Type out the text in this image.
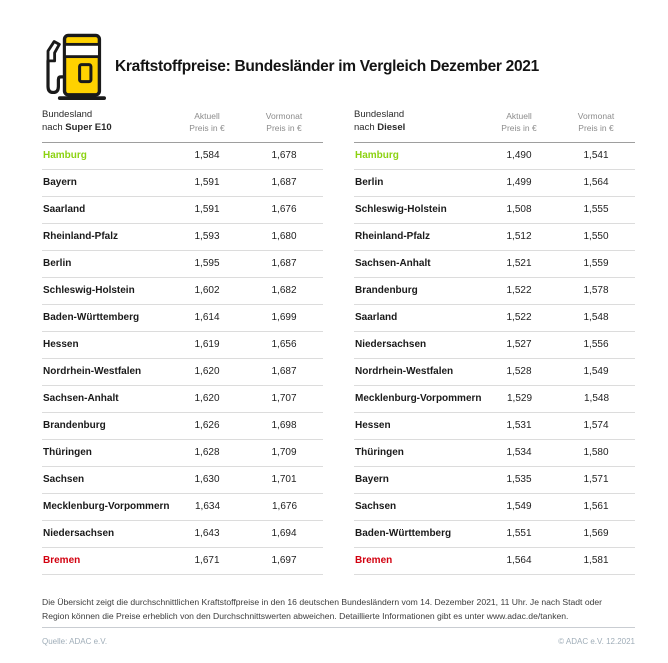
Kraftstoffpreise: Bundesländer im Vergleich Dezember 2021
Bundesland
nach Super E10
Aktuell
Preis in €
Vormonat
Preis in €
Hamburg	1,584	1,678
Bayern	1,591	1,687
Saarland	1,591	1,676
Rheinland-Pfalz	1,593	1,680
Berlin	1,595	1,687
Schleswig-Holstein	1,602	1,682
Baden-Württemberg	1,614	1,699
Hessen	1,619	1,656
Nordrhein-Westfalen	1,620	1,687
Sachsen-Anhalt	1,620	1,707
Brandenburg	1,626	1,698
Thüringen	1,628	1,709
Sachsen	1,630	1,701
Mecklenburg-Vorpommern	1,634	1,676
Niedersachsen	1,643	1,694
Bremen	1,671	1,697
Bundesland
nach Diesel
Aktuell
Preis in €
Vormonat
Preis in €
Hamburg	1,490	1,541
Berlin	1,499	1,564
Schleswig-Holstein	1,508	1,555
Rheinland-Pfalz	1,512	1,550
Sachsen-Anhalt	1,521	1,559
Brandenburg	1,522	1,578
Saarland	1,522	1,548
Niedersachsen	1,527	1,556
Nordrhein-Westfalen	1,528	1,549
Mecklenburg-Vorpommern	1,529	1,548
Hessen	1,531	1,574
Thüringen	1,534	1,580
Bayern	1,535	1,571
Sachsen	1,549	1,561
Baden-Württemberg	1,551	1,569
Bremen	1,564	1,581

Die Übersicht zeigt die durchschnittlichen Kraftstoffpreise in den 16 deutschen Bundesländern vom 14. Dezember 2021, 11 Uhr. Je nach Stadt oder Region können die Preise erheblich von den Durchschnittswerten abweichen. Detaillierte Informationen gibt es unter www.adac.de/tanken.

Quelle: ADAC e.V.	© ADAC e.V. 12.2021
